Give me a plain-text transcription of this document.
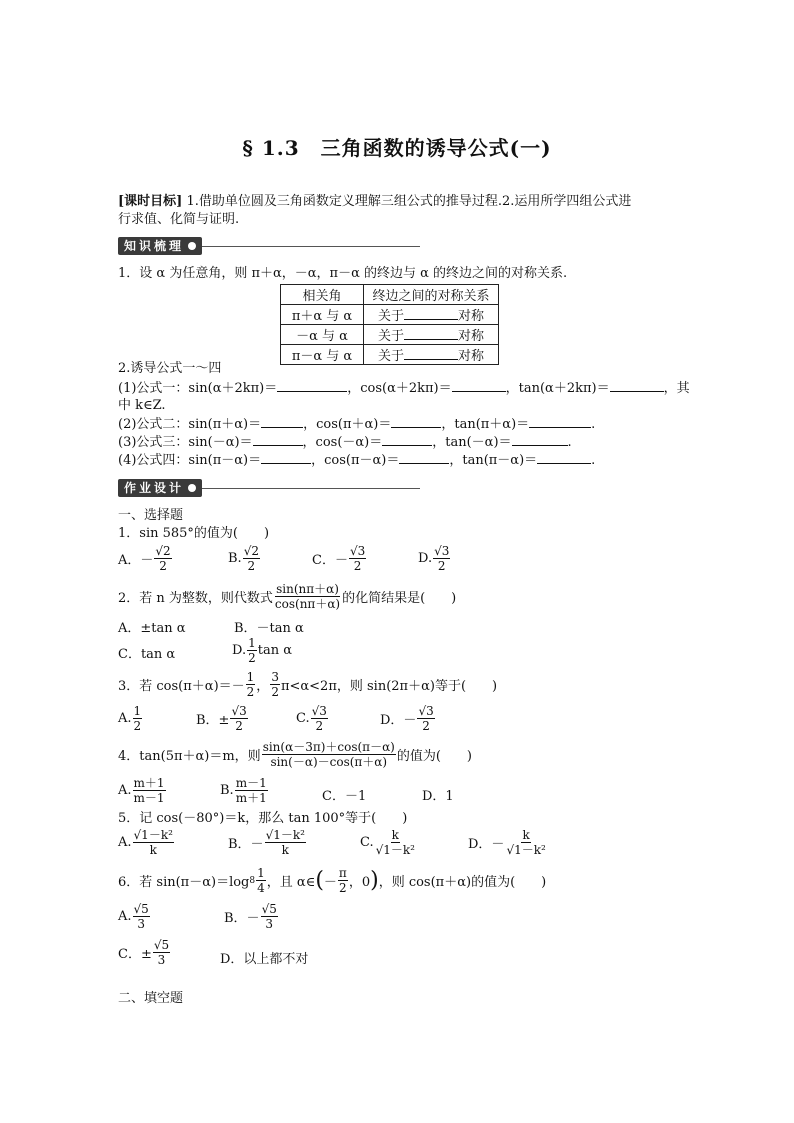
§ 1.3　三角函数的诱导公式(一)
[课时目标] 1.借助单位圆及三角函数定义理解三组公式的推导过程.2.运用所学四组公式进
行求值、化简与证明.
知识梳理
1．设 α 为任意角，则 π＋α，－α，π－α 的终边与 α 的终边之间的对称关系.
相关角	终边之间的对称关系
π＋α 与 α	关于 对称
－α 与 α	关于 对称
π－α 与 α	关于 对称
2.诱导公式一～四
(1)公式一：sin(α＋2kπ)＝	，cos(α＋2kπ)＝	，tan(α＋2kπ)＝	，其
中 k∈Z.
(2)公式二：sin(π＋α)＝	，cos(π＋α)＝	，tan(π＋α)＝	.
(3)公式三：sin(－α)＝	，cos(－α)＝	，tan(－α)＝	.
(4)公式四：sin(π－α)＝	，cos(π－α)＝	，tan(π－α)＝	.
作业设计
一、选择题
1．sin 585°的值为(　　)
A．－ $\frac{√2}{2}$	B. $\frac{√2}{2}$	C．－ $\frac{√3}{2}$	D. $\frac{√3}{2}$
2．若 n 为整数，则代数式 $\frac{\sin(n\pi+\alpha)}{\cos(n\pi+\alpha)}$ 的化简结果是(　　)
A．±tan α	B．－tan α
C．tan α	D. $\frac{1}{2}$ tan α
3．若 $\cos(\pi+\alpha)=- \frac{1}{2}$ ， $\frac{3}{2} \pi<\alpha<2\pi$，则 sin(2π＋α)等于(　　)
A. $\frac{1}{2}$	B．± $\frac{√3}{2}$	C. $\frac{√3}{2}$	D．－ $\frac{√3}{2}$
4．tan(5π＋α)＝m，则 $\frac{\sin(\alpha-3\pi)+\cos(\pi-\alpha)}{\sin(-\alpha)-\cos(\pi+\alpha)}$ 的值为(　　)
A. $\frac{m+1}{m-1}$	B. $\frac{m-1}{m+1}$	C．－1	D．1
5．记 cos(－80°)＝k，那么 tan 100°等于(　　)
A. $\frac{\text{√1－k²}}{k}$	B．－ $\frac{\text{√1－k²}}{k}$	C. $\frac{k}{\text{√1－k²}}$	D．－ $\frac{k}{\text{√1－k²}}$
6．若 sin(π－α)＝log $8 \frac{1}{4}$ ，且 α∈ ( － $\frac{\pi}{2}$ ，0 ) ，则 cos(π＋α)的值为(　　)
A. $\frac{√5}{3}$	B．－ $\frac{√5}{3}$
C．± $\frac{√5}{3}$	D．以上都不对
二、填空题
